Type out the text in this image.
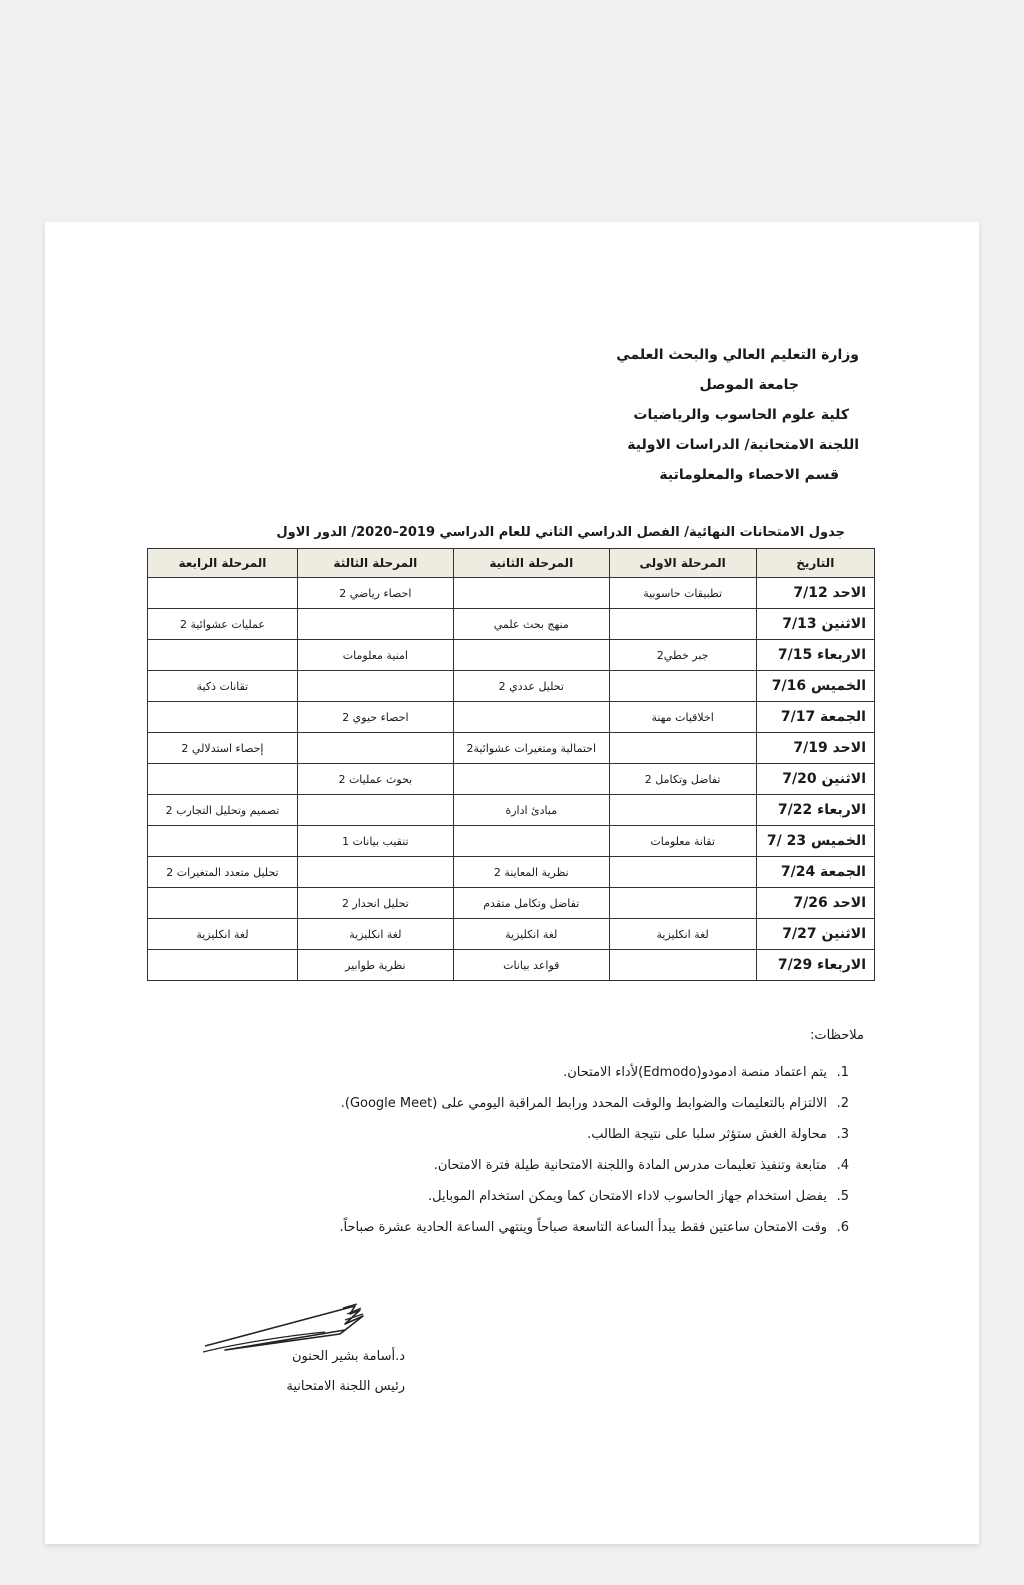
وزارة التعليم العالي والبحث العلمي
جامعة الموصل
كلية علوم الحاسوب والرياضيات
اللجنة الامتحانية/ الدراسات الاولية
قسم الاحصاء والمعلوماتية
جدول الامتحانات النهائية/ الفصل الدراسي الثاني للعام الدراسي 2019–2020/ الدور الاول
التاريخ	المرحلة الاولى	المرحلة الثانية	المرحلة الثالثة	المرحلة الرابعة
الاحد 7/12	تطبيقات حاسوبية		احصاء رياضي 2	
الاثنين 7/13		منهج بحث علمي		عمليات عشوائية 2
الاربعاء 7/15	جبر خطي2		امنية معلومات	
الخميس 7/16		تحليل عددي 2		تقانات ذكية
الجمعة 7/17	اخلاقيات مهنة		احصاء حيوي 2	
الاحد 7/19		احتمالية ومتغيرات عشوائية2		إحصاء استدلالي 2
الاثنين 7/20	تفاضل وتكامل 2		بحوث عمليات 2	
الاربعاء 7/22		مبادئ ادارة		تصميم وتحليل التجارب 2
الخميس 23 /7	تقانة معلومات		تنقيب بيانات 1	
الجمعة 7/24		نظرية المعاينة 2		تحليل متعدد المتغيرات 2
الاحد 7/26		تفاضل وتكامل متقدم	تحليل انحدار 2	
الاثنين 7/27	لغة انكليزية	لغة انكليزية	لغة انكليزية	لغة انكليزية
الاربعاء 7/29		قواعد بيانات	نظرية طوابير	
ملاحظات:
1.يتم اعتماد منصة ادمودو(Edmodo)لأداء الامتحان.
2.الالتزام بالتعليمات والضوابط والوقت المحدد ورابط المراقبة اليومي على (Google Meet).
3.محاولة الغش ستؤثر سلبا على نتيجة الطالب.
4.متابعة وتنفيذ تعليمات مدرس المادة واللجنة الامتحانية طيلة فترة الامتحان.
5.يفضل استخدام جهاز الحاسوب لاداء الامتحان كما ويمكن استخدام الموبايل.
6.وقت الامتحان ساعتين فقط يبدأ الساعة التاسعة صباحاً وينتهي الساعة الحادية عشرة صباحاً.
د.أسامة بشير الحنون
رئيس اللجنة الامتحانية
